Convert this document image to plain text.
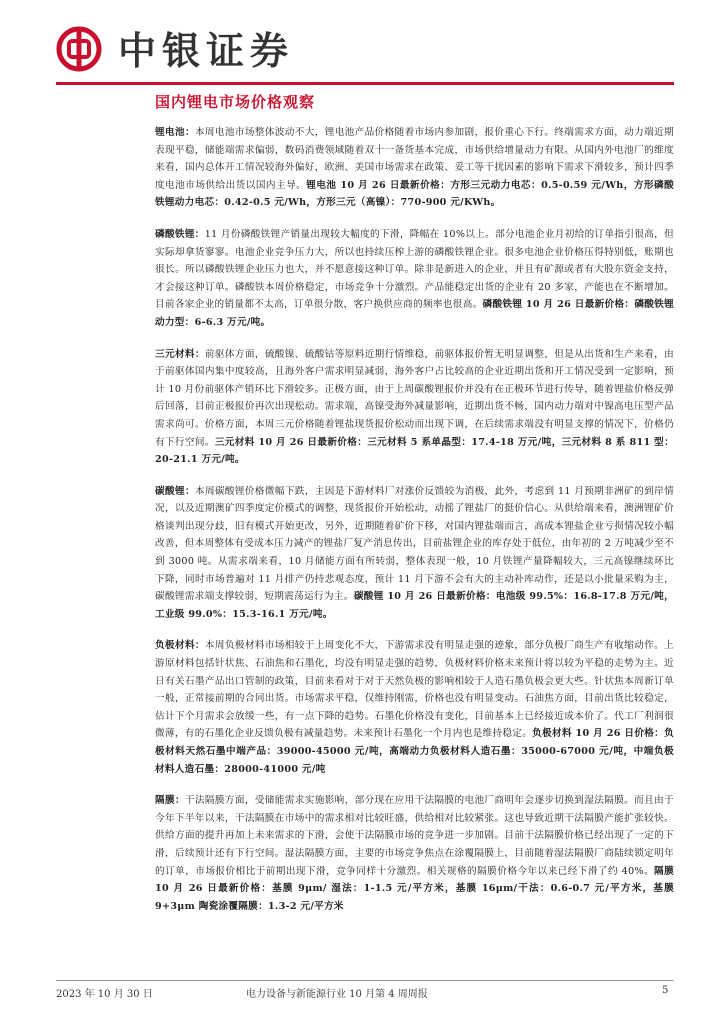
中银证券
国内锂电市场价格观察

锂电池：本周电池市场整体波动不大，锂电池产品价格随着市场内参加剧，报价重心下行。终端需求方面，动力端近期表现平稳，储能端需求偏弱，数码消费领域随着双十一备货基本完成，市场供给增量动力有限。从国内外电池厂的维度来看，国内总体开工情况较海外偏好，欧洲、美国市场需求在政策、妥工等干扰因素的影响下需求下滑较多，预计四季度电池市场供给出货以国内主导。锂电池 10 月 26 日最新价格：方形三元动力电芯：0.5-0.59 元/Wh，方形磷酸铁锂动力电芯：0.42-0.5 元/Wh，方形三元（高镍）：770-900 元/KWh。

磷酸铁锂：11 月份磷酸铁锂产销量出现较大幅度的下滑，降幅在 10%以上。部分电池企业月初给的订单指引很高，但实际却拿货寥寥。电池企业竞争压力大，所以也持续压榨上游的磷酸铁锂企业。很多电池企业价格压得特别低，账期也很长。所以磷酸铁锂企业压力也大，并不愿意接这种订单。除非是新进入的企业，并且有矿源或者有大股东资金支持，才会接这种订单。磷酸铁本周价格稳定，市场竞争十分激烈。产品能稳定出货的企业有 20 多家，产能也在不断增加。目前各家企业的销量都不太高，订单很分散，客户换供应商的频率也很高。磷酸铁锂 10 月 26 日最新价格：磷酸铁锂动力型：6-6.3 万元/吨。

三元材料：前驱体方面，硫酸镍、硫酸钴等原料近期行情维稳，前驱体报价暂无明显调整，但是从出货和生产来看，由于前驱体国内集中度较高，且海外客户需求明显减弱，海外客户占比较高的企业近期出货和开工情况受到一定影响，预计 10 月份前驱体产销环比下滑较多。正极方面，由于上周碳酸锂报价并没有在正极环节进行传导，随着锂盐价格反弹后回落，目前正极报价再次出现松动。需求端，高镍受海外减量影响，近期出货不畅，国内动力端对中镍高电压型产品需求尚可。价格方面，本周三元价格随着锂盐现货报价松动而出现下调，在后续需求端没有明显支撑的情况下，价格仍有下行空间。三元材料 10 月 26 日最新价格：三元材料 5 系单晶型：17.4-18 万元/吨，三元材料 8 系 811 型：20-21.1 万元/吨。

碳酸锂：本周碳酸锂价格微幅下跌，主因是下游材料厂对涨价反馈较为消极，此外，考虑到 11 月预期非洲矿的到岸情况，以及近期澳矿四季度定价模式的调整，现货报价开始松动，动摇了锂盐厂的挺价信心。从供给端来看，澳洲锂矿价格谈判出现分歧，旧有模式开始更改，另外，近期随着矿价下移，对国内锂盐端而言，高成本锂盐企业亏损情况较小幅改善，但本周整体有受成本压力减产的锂盐厂复产消息传出，目前盐锂企业的库存处于低位，由年初的 2 万吨减少至不到 3000 吨。从需求端来看，10 月储能方面有所转弱，整体表现一般，10 月铁锂产量降幅较大，三元高镍继续环比下降，同时市场普遍对 11 月排产仍持悲观态度，预计 11 月下游不会有大的主动补库动作，还是以小批量采购为主，碳酸锂需求端支撑较弱，短期震荡运行为主。碳酸锂 10 月 26 日最新价格：电池级 99.5%：16.8-17.8 万元/吨，工业级 99.0%：15.3-16.1 万元/吨。

负极材料：本周负极材料市场相较于上周变化不大，下游需求没有明显走强的迹象，部分负极厂商生产有收缩动作。上游原材料包括针状焦、石油焦和石墨化，均没有明显走强的趋势，负极材料价格未来预计将以较为平稳的走势为主。近日有关石墨产品出口管制的政策，目前来看对于对于天然负极的影响相较于人造石墨负极会更大些。针状焦本周新订单一般，正常接前期的合同出货。市场需求平稳，仅维持刚需，价格也没有明显变动。石油焦方面，目前出货比较稳定，估计下个月需求会放缓一些，有一点下降的趋势。石墨化价格没有变化，目前基本上已经接近成本价了。代工厂利润很微薄，有的石墨化企业反馈负极有减量趋势。未来预计石墨化一个月内也是维持稳定。负极材料 10 月 26 日价格：负极材料天然石墨中端产品：39000-45000 元/吨，高端动力负极材料人造石墨：35000-67000 元/吨，中端负极材料人造石墨：28000-41000 元/吨

隔膜：干法隔膜方面，受储能需求实施影响，部分现在应用干法隔膜的电池厂商明年会逐步切换到湿法隔膜。而且由于今年下半年以来，干法隔膜在市场中的需求相对比较旺盛，供给相对比较紧张。这也导致近期干法隔膜产能扩张较快。供给方面的提升再加上未来需求的下滑，会使干法隔膜市场的竞争进一步加剧。目前干法隔膜价格已经出现了一定的下滑，后续预计还有下行空间。湿法隔膜方面，主要的市场竞争焦点在涂覆隔膜上，目前随着湿法隔膜厂商陆续锁定明年的订单，市场报价相比于前期出现下滑，竞争同样十分激烈。相关规格的隔膜价格今年以来已经下滑了约 40%。隔膜 10 月 26 日最新价格：基膜 9μm/ 湿法：1-1.5 元/平方米，基膜 16μm/干法：0.6-0.7 元/平方米，基膜 9+3μm 陶瓷涂覆隔膜：1.3-2 元/平方米

2023 年 10 月 30 日	电力设备与新能源行业 10 月第 4 周周报	5
